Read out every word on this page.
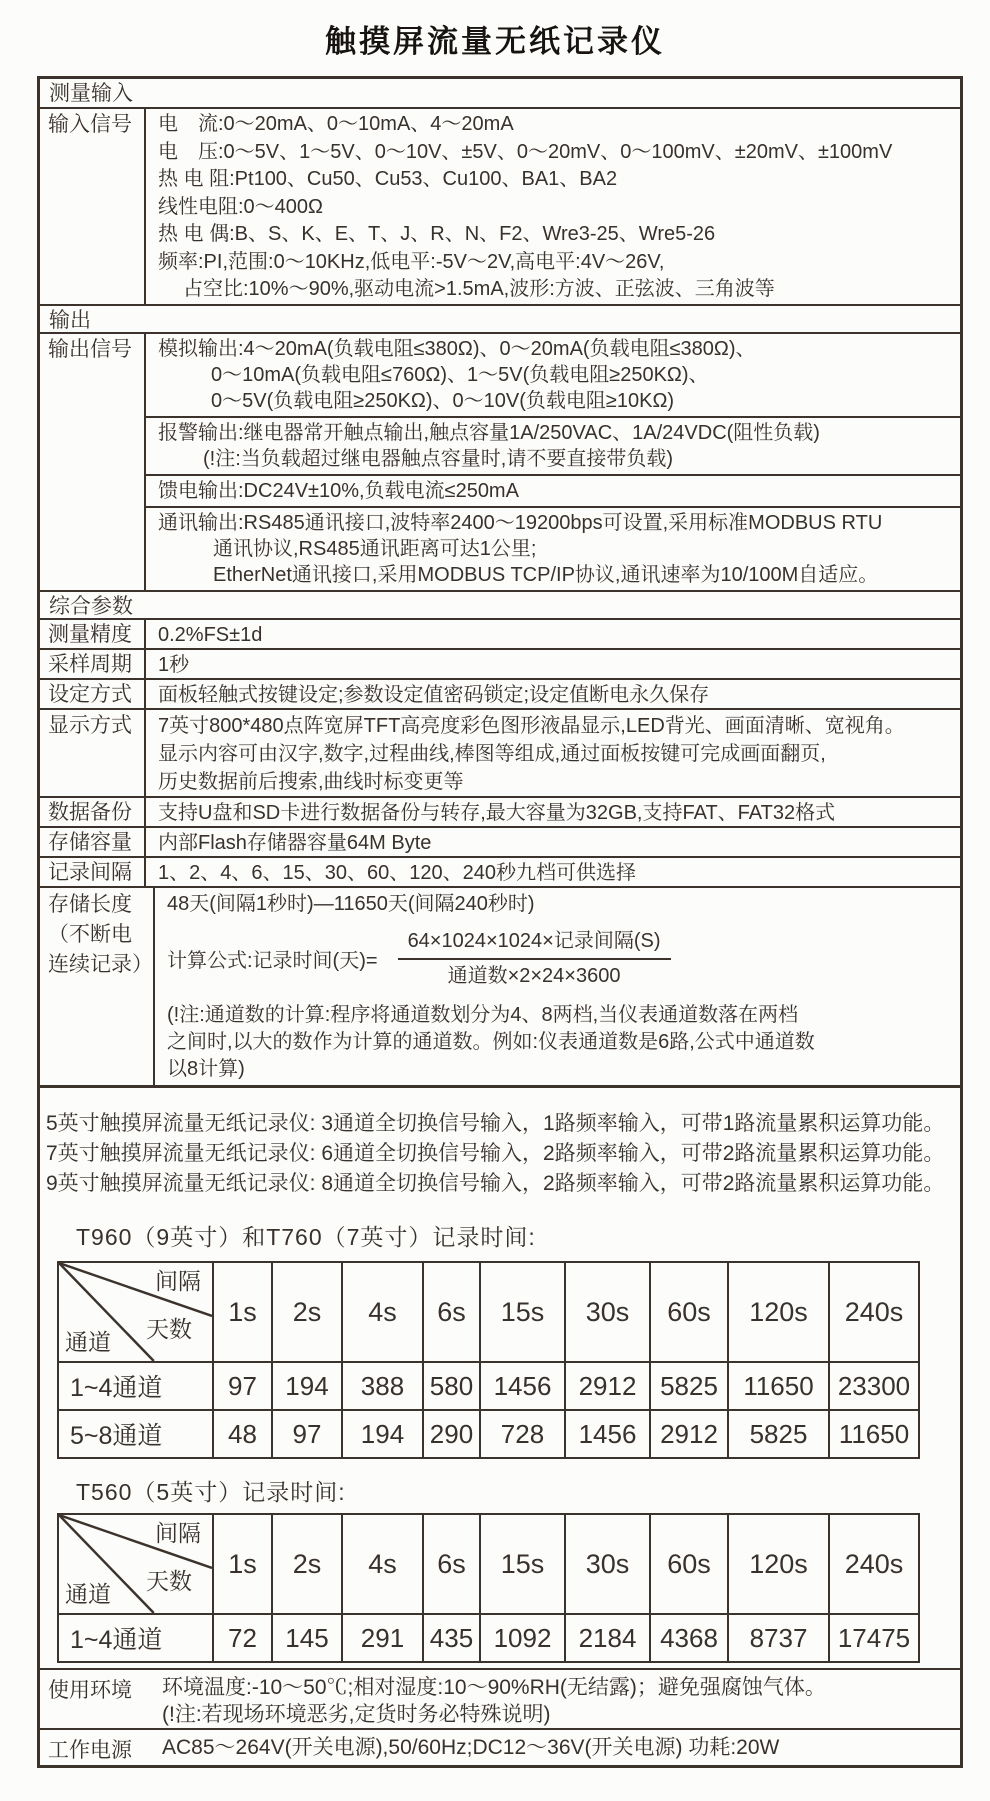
触摸屏流量无纸记录仪
测量输入
输入信号	电　流:0～20mA、0～10mA、4～20mA
电　压:0～5V、1～5V、0～10V、±5V、0～20mV、0～100mV、±20mV、±100mV
热 电 阻:Pt100、Cu50、Cu53、Cu100、BA1、BA2
线性电阻:0～400Ω
热 电 偶:B、S、K、E、T、J、R、N、F2、Wre3-25、Wre5-26
频率:PI,范围:0～10KHz,低电平:-5V～2V,高电平:4V～26V,
占空比:10%～90%,驱动电流>1.5mA,波形:方波、正弦波、三角波等
输出
输出信号	模拟输出:4～20mA(负载电阻≤380Ω)、0～20mA(负载电阻≤380Ω)、
0～10mA(负载电阻≤760Ω)、1～5V(负载电阻≥250KΩ)、
0～5V(负载电阻≥250KΩ)、0～10V(负载电阻≥10KΩ)
报警输出:继电器常开触点输出,触点容量1A/250VAC、1A/24VDC(阻性负载)
(!注:当负载超过继电器触点容量时,请不要直接带负载)
馈电输出:DC24V±10%,负载电流≤250mA
通讯输出:RS485通讯接口,波特率2400～19200bps可设置,采用标准MODBUS RTU
通讯协议,RS485通讯距离可达1公里;
EtherNet通讯接口,采用MODBUS TCP/IP协议,通讯速率为10/100M自适应。
综合参数
测量精度	0.2%FS±1d
采样周期	1秒
设定方式	面板轻触式按键设定;参数设定值密码锁定;设定值断电永久保存
显示方式	7英寸800*480点阵宽屏TFT高亮度彩色图形液晶显示,LED背光、画面清晰、宽视角。
显示内容可由汉字,数字,过程曲线,棒图等组成,通过面板按键可完成画面翻页,
历史数据前后搜索,曲线时标变更等
数据备份	支持U盘和SD卡进行数据备份与转存,最大容量为32GB,支持FAT、FAT32格式
存储容量	内部Flash存储器容量64M Byte
记录间隔	1、2、4、6、15、30、60、120、240秒九档可供选择
存储长度
（不断电
连续记录）
48天(间隔1秒时)—11650天(间隔240秒时)
计算公式:记录时间(天)= $\frac{\text{64×1024×1024×记录间隔(S)}}{\text{通道数×2×24×3600}}$
(!注:通道数的计算:程序将通道数划分为4、8两档,当仪表通道数落在两档
之间时,以大的数作为计算的通道数。例如:仪表通道数是6路,公式中通道数
以8计算)
5英寸触摸屏流量无纸记录仪: 3通道全切换信号输入，1路频率输入，可带1路流量累积运算功能。
7英寸触摸屏流量无纸记录仪: 6通道全切换信号输入，2路频率输入，可带2路流量累积运算功能。
9英寸触摸屏流量无纸记录仪: 8通道全切换信号输入，2路频率输入，可带2路流量累积运算功能。
T960（9英寸）和T760（7英寸）记录时间:
间隔
天数
通道	1s	2s	4s	6s	15s	30s	60s	120s	240s
1~4通道	97	194	388	580	1456	2912	5825	11650	23300
5~8通道	48	97	194	290	728	1456	2912	5825	11650
T560（5英寸）记录时间:
间隔
天数
通道	1s	2s	4s	6s	15s	30s	60s	120s	240s
1~4通道	72	145	291	435	1092	2184	4368	8737	17475
使用环境	环境温度:-10～50℃;相对湿度:10～90%RH(无结露)；避免强腐蚀气体。
(!注:若现场环境恶劣,定货时务必特殊说明)
工作电源	AC85～264V(开关电源),50/60Hz;DC12～36V(开关电源) 功耗:20W
